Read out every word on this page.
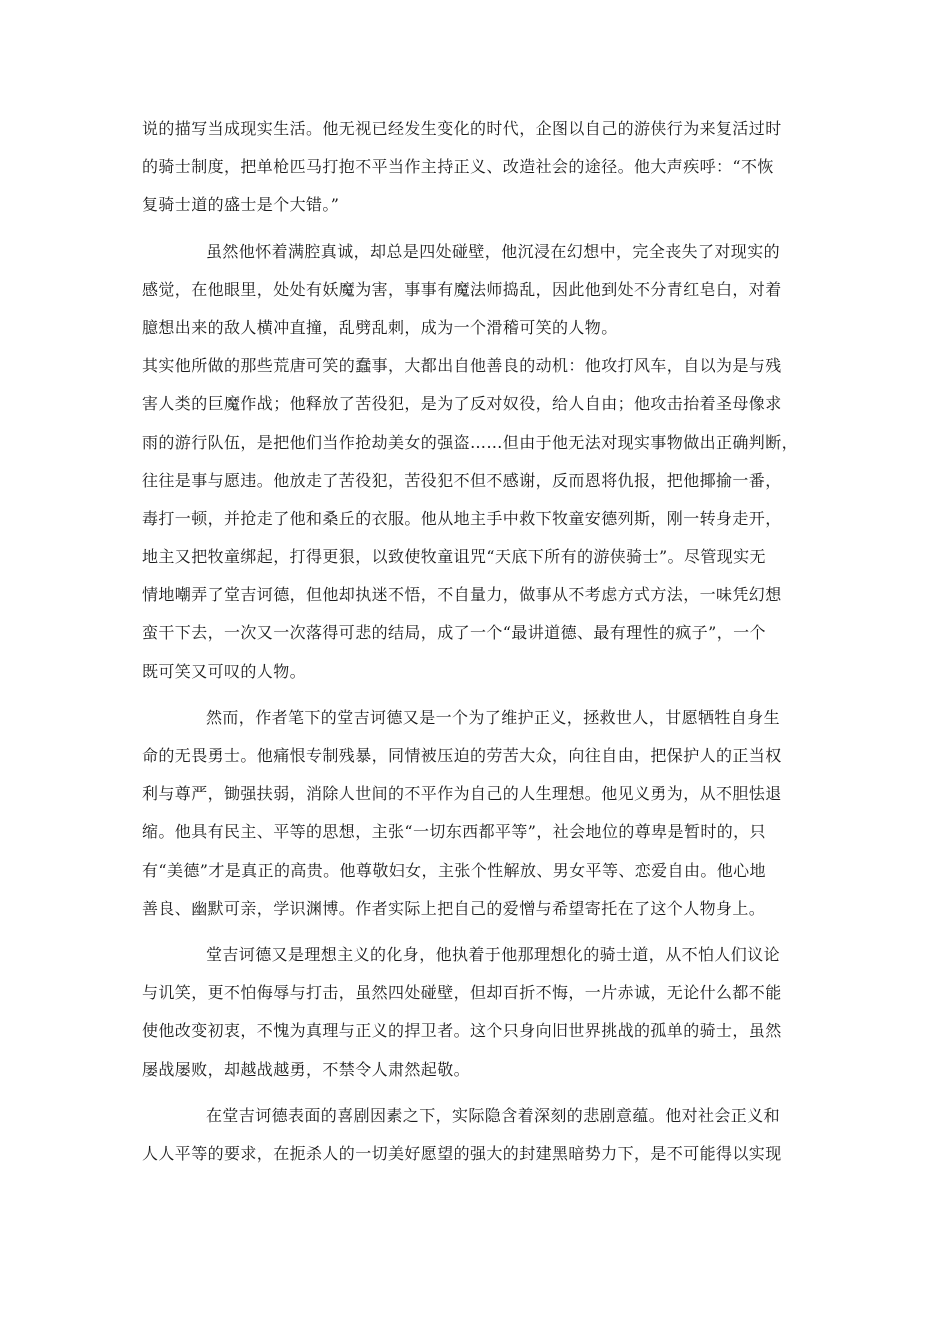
说的描写当成现实生活。他无视已经发生变化的时代，企图以自己的游侠行为来复活过时
的骑士制度，把单枪匹马打抱不平当作主持正义、改造社会的途径。他大声疾呼：“不恢
复骑士道的盛士是个大错。”
虽然他怀着满腔真诚，却总是四处碰壁，他沉浸在幻想中，完全丧失了对现实的
感觉，在他眼里，处处有妖魔为害，事事有魔法师捣乱，因此他到处不分青红皂白，对着
臆想出来的敌人横冲直撞，乱劈乱刺，成为一个滑稽可笑的人物。
其实他所做的那些荒唐可笑的蠢事，大都出自他善良的动机：他攻打风车，自以为是与残
害人类的巨魔作战；他释放了苦役犯，是为了反对奴役，给人自由；他攻击抬着圣母像求
雨的游行队伍，是把他们当作抢劫美女的强盗……但由于他无法对现实事物做出正确判断，
往往是事与愿违。他放走了苦役犯，苦役犯不但不感谢，反而恩将仇报，把他揶揄一番，
毒打一顿，并抢走了他和桑丘的衣服。他从地主手中救下牧童安德列斯，刚一转身走开，
地主又把牧童绑起，打得更狠，以致使牧童诅咒“天底下所有的游侠骑士”。尽管现实无
情地嘲弄了堂吉诃德，但他却执迷不悟，不自量力，做事从不考虑方式方法，一味凭幻想
蛮干下去，一次又一次落得可悲的结局，成了一个“最讲道德、最有理性的疯子”，一个
既可笑又可叹的人物。
然而，作者笔下的堂吉诃德又是一个为了维护正义，拯救世人，甘愿牺牲自身生
命的无畏勇士。他痛恨专制残暴，同情被压迫的劳苦大众，向往自由，把保护人的正当权
利与尊严，锄强扶弱，消除人世间的不平作为自己的人生理想。他见义勇为，从不胆怯退
缩。他具有民主、平等的思想，主张“一切东西都平等”，社会地位的尊卑是暂时的，只
有“美德”才是真正的高贵。他尊敬妇女，主张个性解放、男女平等、恋爱自由。他心地
善良、幽默可亲，学识渊博。作者实际上把自己的爱憎与希望寄托在了这个人物身上。
堂吉诃德又是理想主义的化身，他执着于他那理想化的骑士道，从不怕人们议论
与讥笑，更不怕侮辱与打击，虽然四处碰壁，但却百折不悔，一片赤诚，无论什么都不能
使他改变初衷，不愧为真理与正义的捍卫者。这个只身向旧世界挑战的孤单的骑士，虽然
屡战屡败，却越战越勇，不禁令人肃然起敬。
在堂吉诃德表面的喜剧因素之下，实际隐含着深刻的悲剧意蕴。他对社会正义和
人人平等的要求，在扼杀人的一切美好愿望的强大的封建黑暗势力下，是不可能得以实现
